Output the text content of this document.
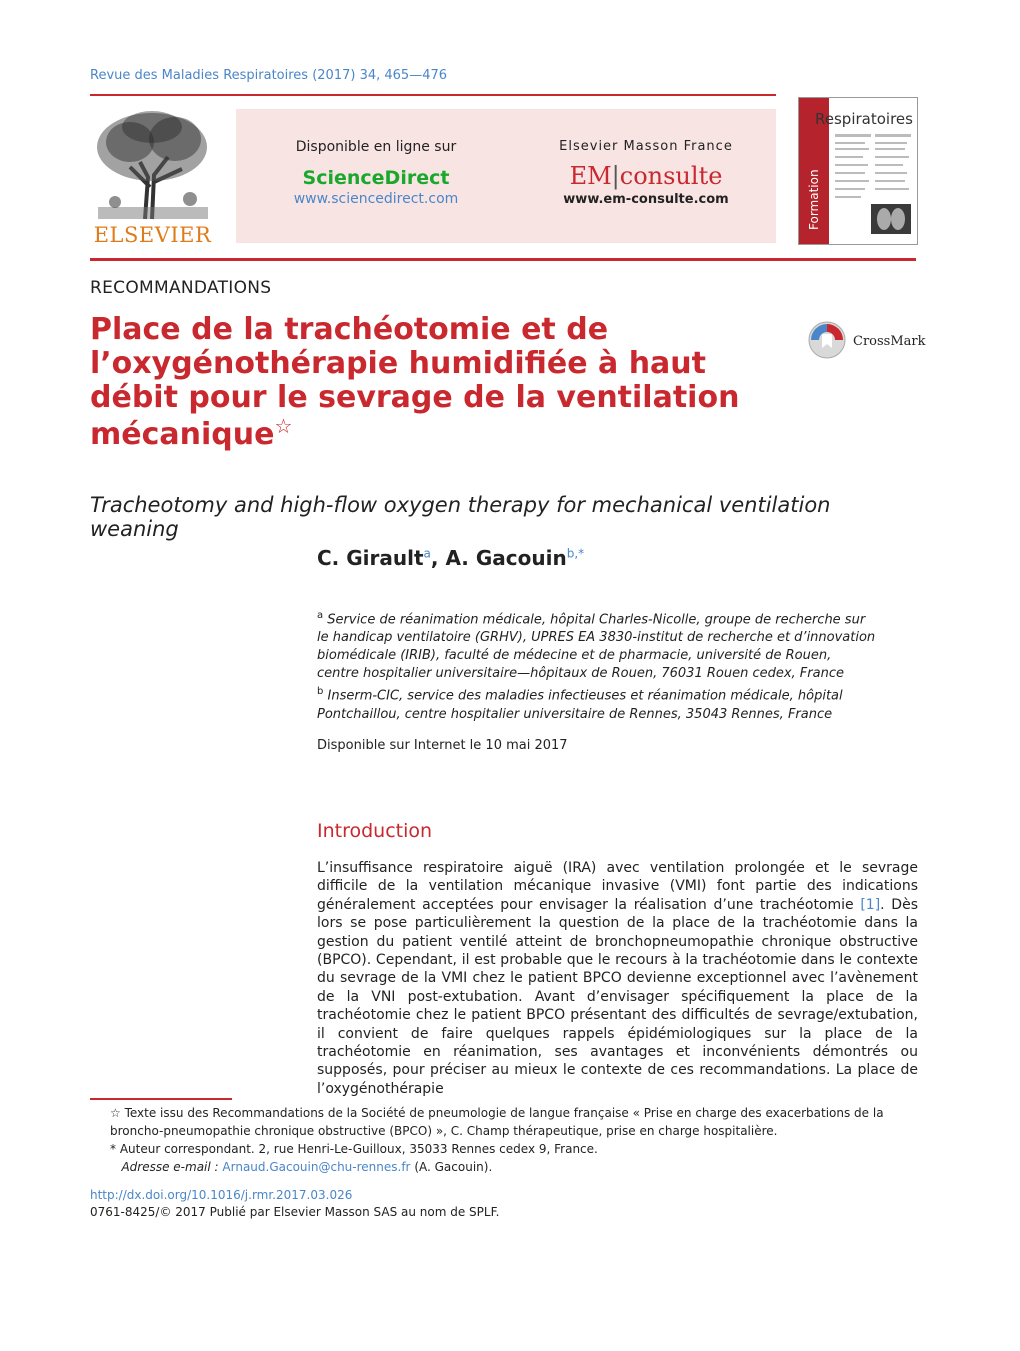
Revue des Maladies Respiratoires (2017) 34, 465—476
ELSEVIER
Disponible en ligne sur
ScienceDirect
www.sciencedirect.com
Elsevier Masson France
EM|consulte
www.em-consulte.com
Respiratoires
Formation
RECOMMANDATIONS
Place de la trachéotomie et de l’oxygénothérapie humidifiée à haut débit pour le sevrage de la ventilation mécanique☆
CrossMark
Tracheotomy and high-flow oxygen therapy for mechanical ventilation weaning
C. Girault$^a$, A. Gacouin$^{b,*}$
$^a$ Service de réanimation médicale, hôpital Charles-Nicolle, groupe de recherche sur le handicap ventilatoire (GRHV), UPRES EA 3830-institut de recherche et d’innovation biomédicale (IRIB), faculté de médecine et de pharmacie, université de Rouen, centre hospitalier universitaire—hôpitaux de Rouen, 76031 Rouen cedex, France
$^b$ Inserm-CIC, service des maladies infectieuses et réanimation médicale, hôpital Pontchaillou, centre hospitalier universitaire de Rennes, 35043 Rennes, France
Disponible sur Internet le 10 mai 2017
Introduction
L’insuffisance respiratoire aiguë (IRA) avec ventilation prolongée et le sevrage difficile de la ventilation mécanique invasive (VMI) font partie des indications généralement acceptées pour envisager la réalisation d’une trachéotomie [1]. Dès lors se pose particulièrement la question de la place de la trachéotomie dans la gestion du patient ventilé atteint de bronchopneumopathie chronique obstructive (BPCO). Cependant, il est probable que le recours à la trachéotomie dans le contexte du sevrage de la VMI chez le patient BPCO devienne exceptionnel avec l’avènement de la VNI post-extubation. Avant d’envisager spécifiquement la place de la trachéotomie chez le patient BPCO présentant des difficultés de sevrage/extubation, il convient de faire quelques rappels épidémiologiques sur la place de la trachéotomie en réanimation, ses avantages et inconvénients démontrés ou supposés, pour préciser au mieux le contexte de ces recommandations. La place de l’oxygénothérapie

☆ Texte issu des Recommandations de la Société de pneumologie de langue française « Prise en charge des exacerbations de la broncho-pneumopathie chronique obstructive (BPCO) », C. Champ thérapeutique, prise en charge hospitalière.

* Auteur correspondant. 2, rue Henri-Le-Guilloux, 35033 Rennes cedex 9, France.

Adresse e-mail : Arnaud.Gacouin@chu-rennes.fr (A. Gacouin).

http://dx.doi.org/10.1016/j.rmr.2017.03.026
0761-8425/© 2017 Publié par Elsevier Masson SAS au nom de SPLF.
